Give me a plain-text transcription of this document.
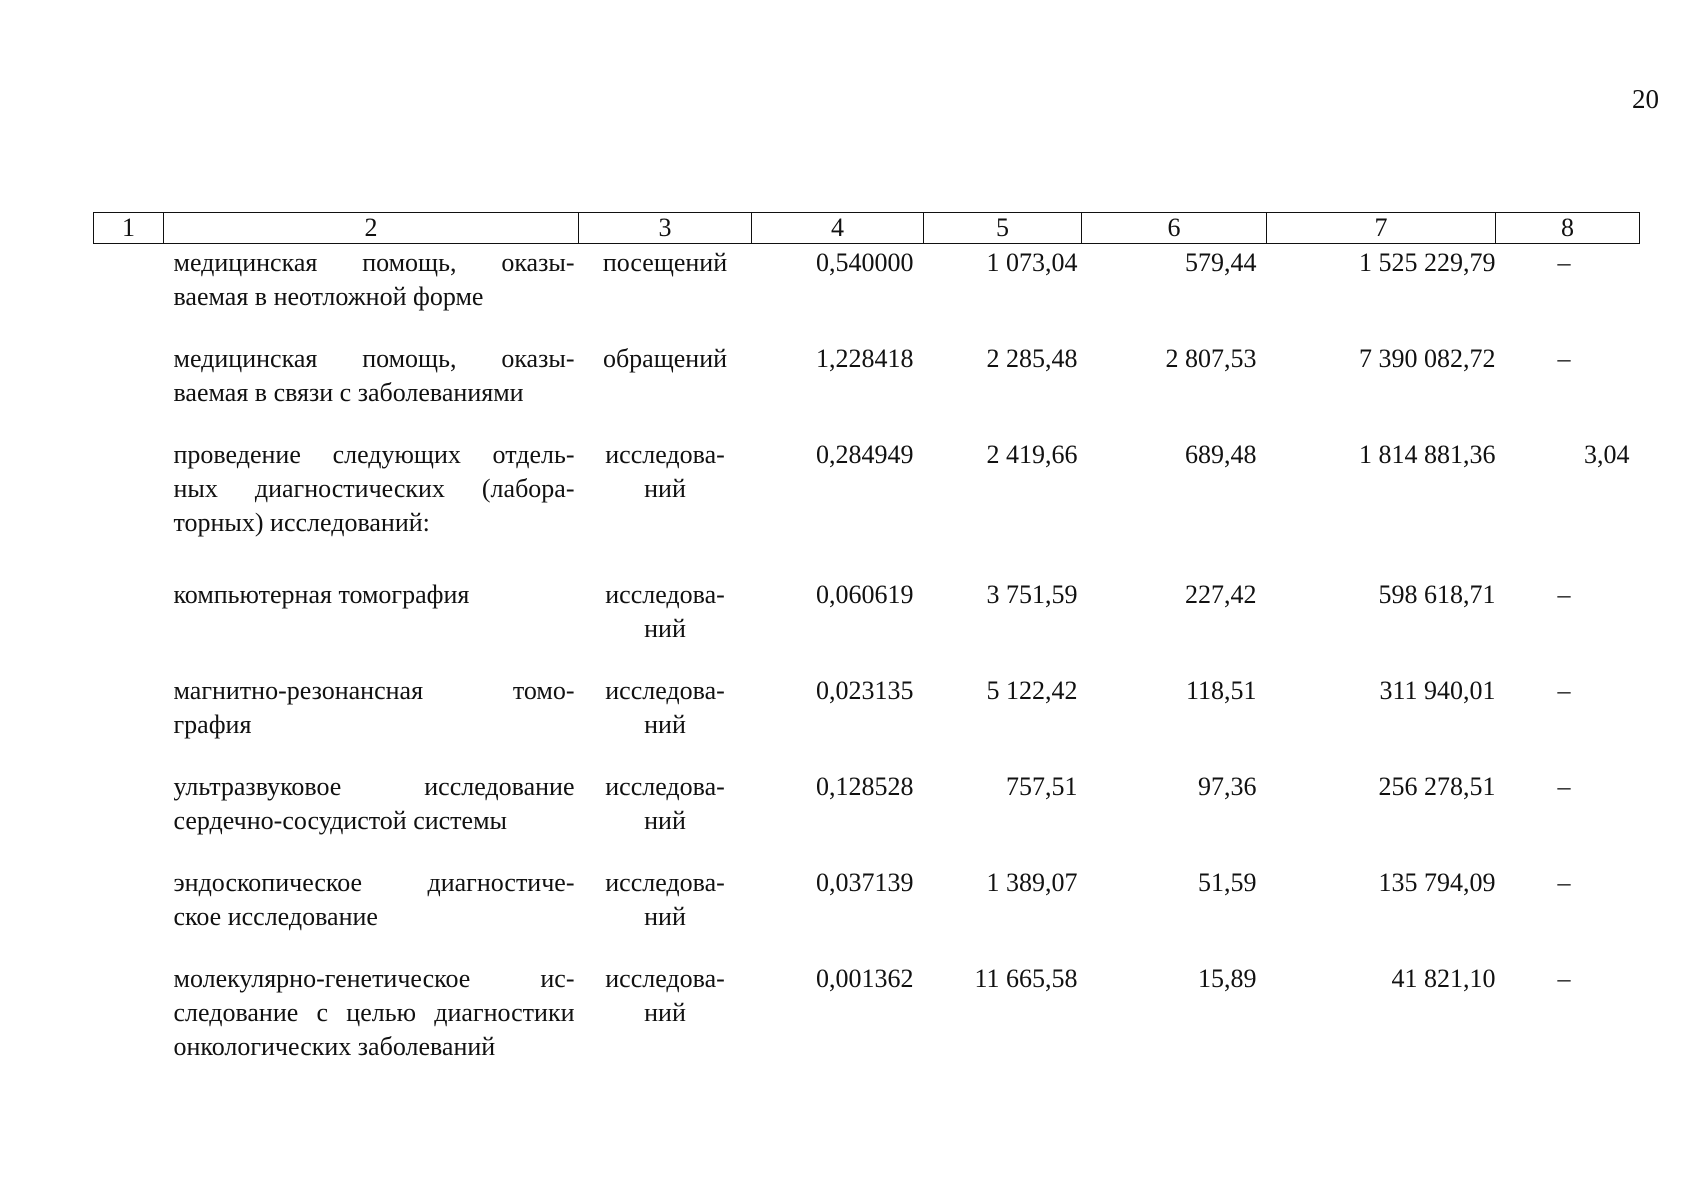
20
1	2	3	4	5	6	7	8

	медицинская помощь, оказы-
ваемая в неотложной форме	посещений	0,540000	1 073,04	579,44	1 525 229,79	–

	медицинская помощь, оказы-
ваемая в связи с заболеваниями	обращений	1,228418	2 285,48	2 807,53	7 390 082,72	–

	проведение следующих отдель-
ных диагностических (лабора-
торных) исследований:	исследова-
ний	0,284949	2 419,66	689,48	1 814 881,36	3,04

	компьютерная томография	исследова-
ний	0,060619	3 751,59	227,42	598 618,71	–

	магнитно-резонансная томо-
графия	исследова-
ний	0,023135	5 122,42	118,51	311 940,01	–

	ультразвуковое исследование
сердечно-сосудистой системы	исследова-
ний	0,128528	757,51	97,36	256 278,51	–

	эндоскопическое диагностиче-
ское исследование	исследова-
ний	0,037139	1 389,07	51,59	135 794,09	–

	молекулярно-генетическое ис-
следование с целью диагностики
онкологических заболеваний	исследова-
ний	0,001362	11 665,58	15,89	41 821,10	–
